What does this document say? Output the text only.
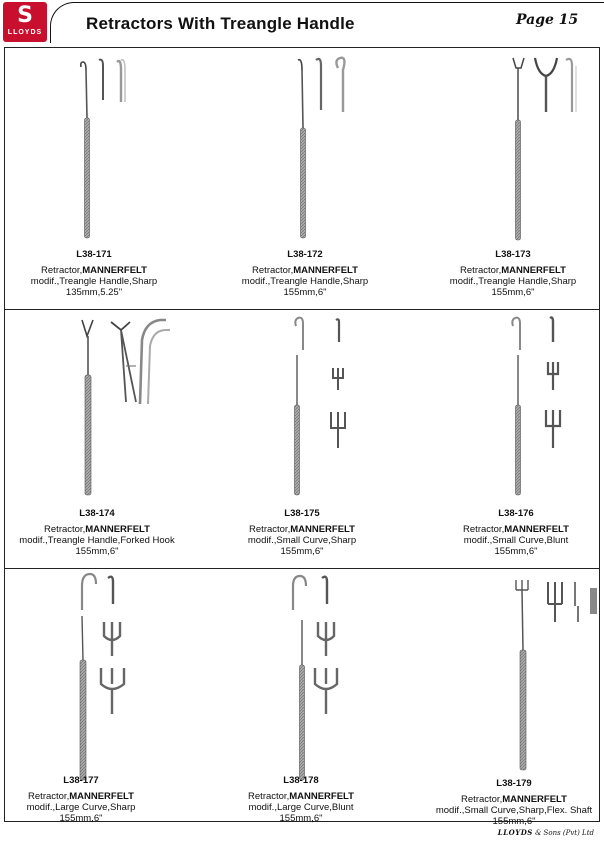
S
LLOYDS	Retractors With Treangle Handle	Page 15
L38-171
Retractor,MANNERFELT
modif.,Treangle Handle,Sharp
135mm,5.25"
L38-172
Retractor,MANNERFELT
modif.,Treangle Handle,Sharp
155mm,6"
L38-173
Retractor,MANNERFELT
modif.,Treangle Handle,Sharp
155mm,6"
L38-174
Retractor,MANNERFELT
modif.,Treangle Handle,Forked Hook
155mm,6"
L38-175
Retractor,MANNERFELT
modif.,Small Curve,Sharp
155mm,6"
L38-176
Retractor,MANNERFELT
modif.,Small Curve,Blunt
155mm,6"
L38-177
Retractor,MANNERFELT
modif.,Large Curve,Sharp
155mm,6"
L38-178
Retractor,MANNERFELT
modif.,Large Curve,Blunt
155mm,6"
L38-179
Retractor,MANNERFELT
modif.,Small Curve,Sharp,Flex. Shaft
155mm,6"
LLOYDS & Sons (Pvt) Ltd
